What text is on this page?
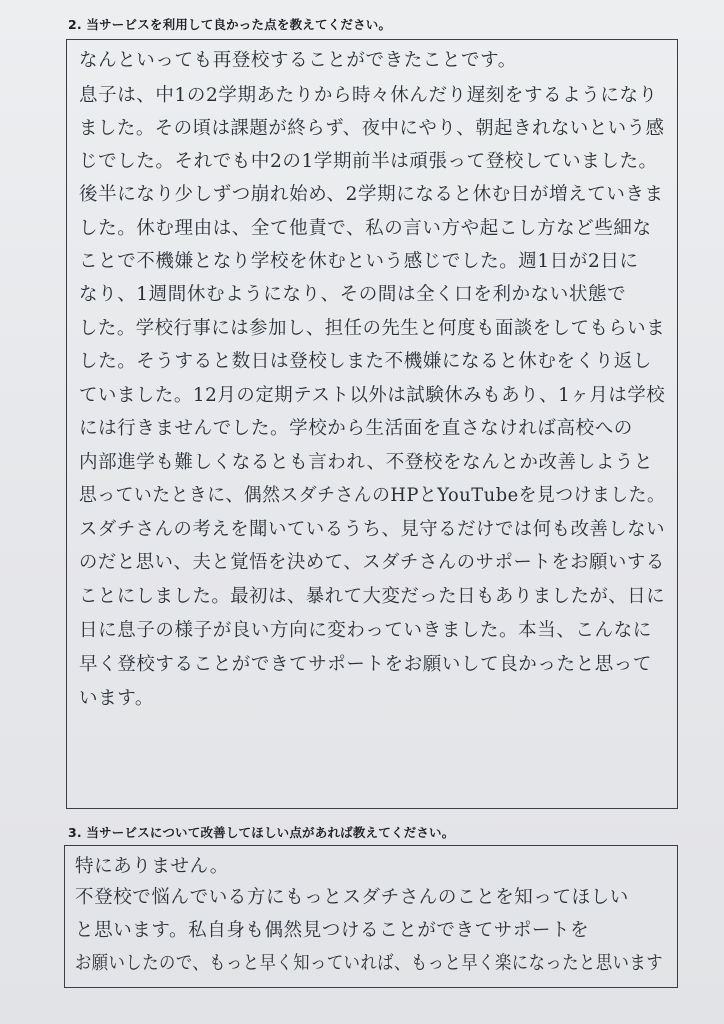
2. 当サービスを利用して良かった点を教えてください。
なんといっても再登校することができたことです。
息子は、中1の2学期あたりから時々休んだり遅刻をするようになり
ました。その頃は課題が終らず、夜中にやり、朝起きれないという感
じでした。それでも中2の1学期前半は頑張って登校していました。
後半になり少しずつ崩れ始め、2学期になると休む日が増えていきま
した。休む理由は、全て他責で、私の言い方や起こし方など些細な
ことで不機嫌となり学校を休むという感じでした。週1日が2日に
なり、1週間休むようになり、その間は全く口を利かない状態で
した。学校行事には参加し、担任の先生と何度も面談をしてもらいま
した。そうすると数日は登校しまた不機嫌になると休むをくり返し
ていました。12月の定期テスト以外は試験休みもあり、1ヶ月は学校
には行きませんでした。学校から生活面を直さなければ高校への
内部進学も難しくなるとも言われ、不登校をなんとか改善しようと
思っていたときに、偶然スダチさんのHPとYouTubeを見つけました。
スダチさんの考えを聞いているうち、見守るだけでは何も改善しない
のだと思い、夫と覚悟を決めて、スダチさんのサポートをお願いする
ことにしました。最初は、暴れて大変だった日もありましたが、日に
日に息子の様子が良い方向に変わっていきました。本当、こんなに
早く登校することができてサポートをお願いして良かったと思って
います。
3. 当サービスについて改善してほしい点があれば教えてください。
特にありません。
不登校で悩んでいる方にもっとスダチさんのことを知ってほしい
と思います。私自身も偶然見つけることができてサポートを
お願いしたので、もっと早く知っていれば、もっと早く楽になったと思います
